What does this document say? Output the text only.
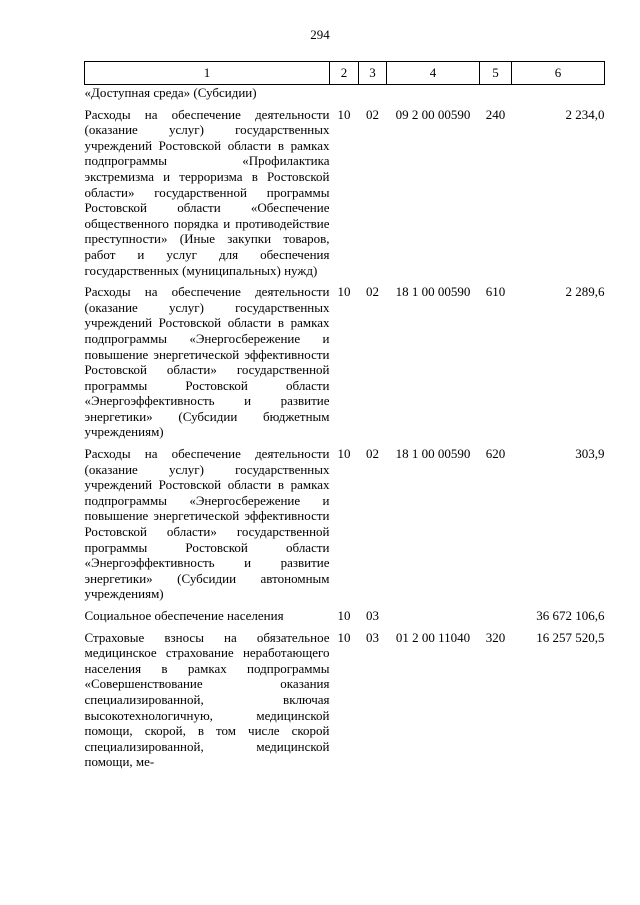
294
1	2	3	4	5	6
«Доступная среда» (Субсидии)					
Расходы на обеспечение деятельности (оказание услуг) государственных учреждений Ростовской области в рамках подпрограммы «Профилактика экстремизма и терроризма в Ростовской области» государственной программы Ростовской области «Обеспечение общественного порядка и противодействие преступности» (Иные закупки товаров, работ и услуг для обеспечения государственных (муниципальных) нужд)	10	02	09 2 00 00590	240	2 234,0
Расходы на обеспечение деятельности (оказание услуг) государственных учреждений Ростовской области в рамках подпрограммы «Энергосбережение и повышение энергетической эффективности Ростовской области» государственной программы Ростовской области «Энергоэффективность и развитие энергетики» (Субсидии бюджетным учреждениям)	10	02	18 1 00 00590	610	2 289,6
Расходы на обеспечение деятельности (оказание услуг) государственных учреждений Ростовской области в рамках подпрограммы «Энергосбережение и повышение энергетической эффективности Ростовской области» государственной программы Ростовской области «Энергоэффективность и развитие энергетики» (Субсидии автономным учреждениям)	10	02	18 1 00 00590	620	303,9
Социальное обеспечение населения	10	03			36 672 106,6
Страховые взносы на обязательное медицинское страхование неработающего населения в рамках подпрограммы «Совершенствование оказания специализированной, включая высокотехнологичную, медицинской помощи, скорой, в том числе скорой специализированной, медицинской помощи, ме-	10	03	01 2 00 11040	320	16 257 520,5
